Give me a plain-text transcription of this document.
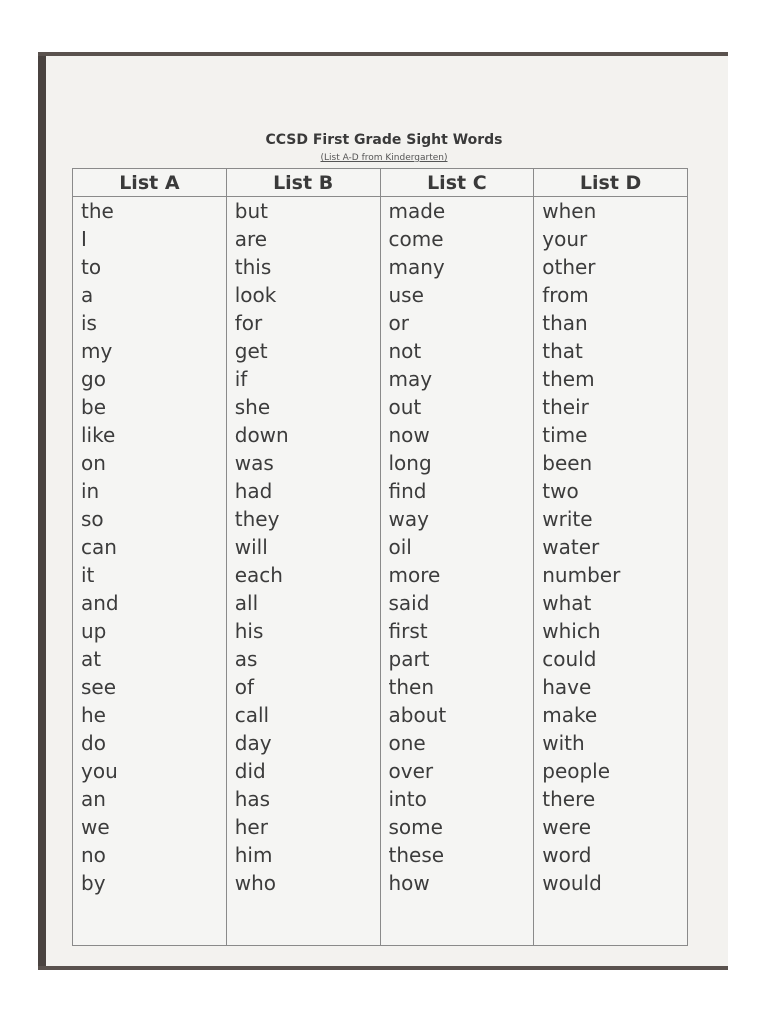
CCSD First Grade Sight Words
(List A-D from Kindergarten)
List A
the
I
to
a
is
my
go
be
like
on
in
so
can
it
and
up
at
see
he
do
you
an
we
no
by
List B
but
are
this
look
for
get
if
she
down
was
had
they
will
each
all
his
as
of
call
day
did
has
her
him
who
List C
made
come
many
use
or
not
may
out
now
long
find
way
oil
more
said
first
part
then
about
one
over
into
some
these
how
List D
when
your
other
from
than
that
them
their
time
been
two
write
water
number
what
which
could
have
make
with
people
there
were
word
would
